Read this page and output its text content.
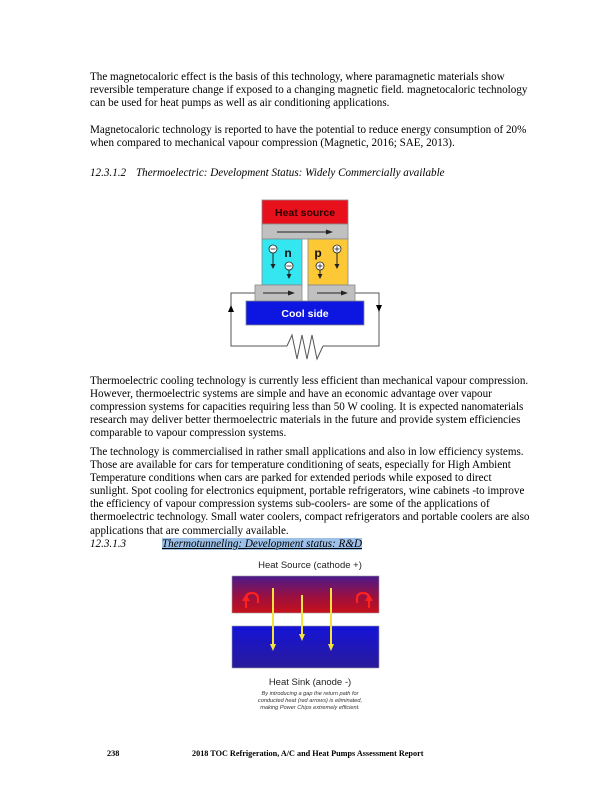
The magnetocaloric effect is the basis of this technology, where paramagnetic materials show reversible temperature change if exposed to a changing magnetic field. magnetocaloric technology can be used for heat pumps as well as air conditioning applications.
Magnetocaloric technology is reported to have the potential to reduce energy consumption of 20% when compared to mechanical vapour compression (Magnetic, 2016; SAE, 2013).
12.3.1.2 Thermoelectric: Development Status: Widely Commercially available
Heat source
n p
Cool side
Thermoelectric cooling technology is currently less efficient than mechanical vapour compression. However, thermoelectric systems are simple and have an economic advantage over vapour compression systems for capacities requiring less than 50 W cooling. It is expected nanomaterials research may deliver better thermoelectric materials in the future and provide system efficiencies comparable to vapour compression systems.
The technology is commercialised in rather small applications and also in low efficiency systems. Those are available for cars for temperature conditioning of seats, especially for High Ambient Temperature conditions when cars are parked for extended periods while exposed to direct sunlight. Spot cooling for electronics equipment, portable refrigerators, wine cabinets -to improve the efficiency of vapour compression systems sub-coolers- are some of the applications of thermoelectric technology. Small water coolers, compact refrigerators and portable coolers are also applications that are commercially available.
12.3.1.3	Thermotunneling: Development status: R&D
Heat Source (cathode +)
Heat Sink (anode -)
By introducing a gap the return path for
conducted heat (red arrows) is eliminated,
making Power Chips extremely efficient.
238	2018 TOC Refrigeration, A/C and Heat Pumps Assessment Report
